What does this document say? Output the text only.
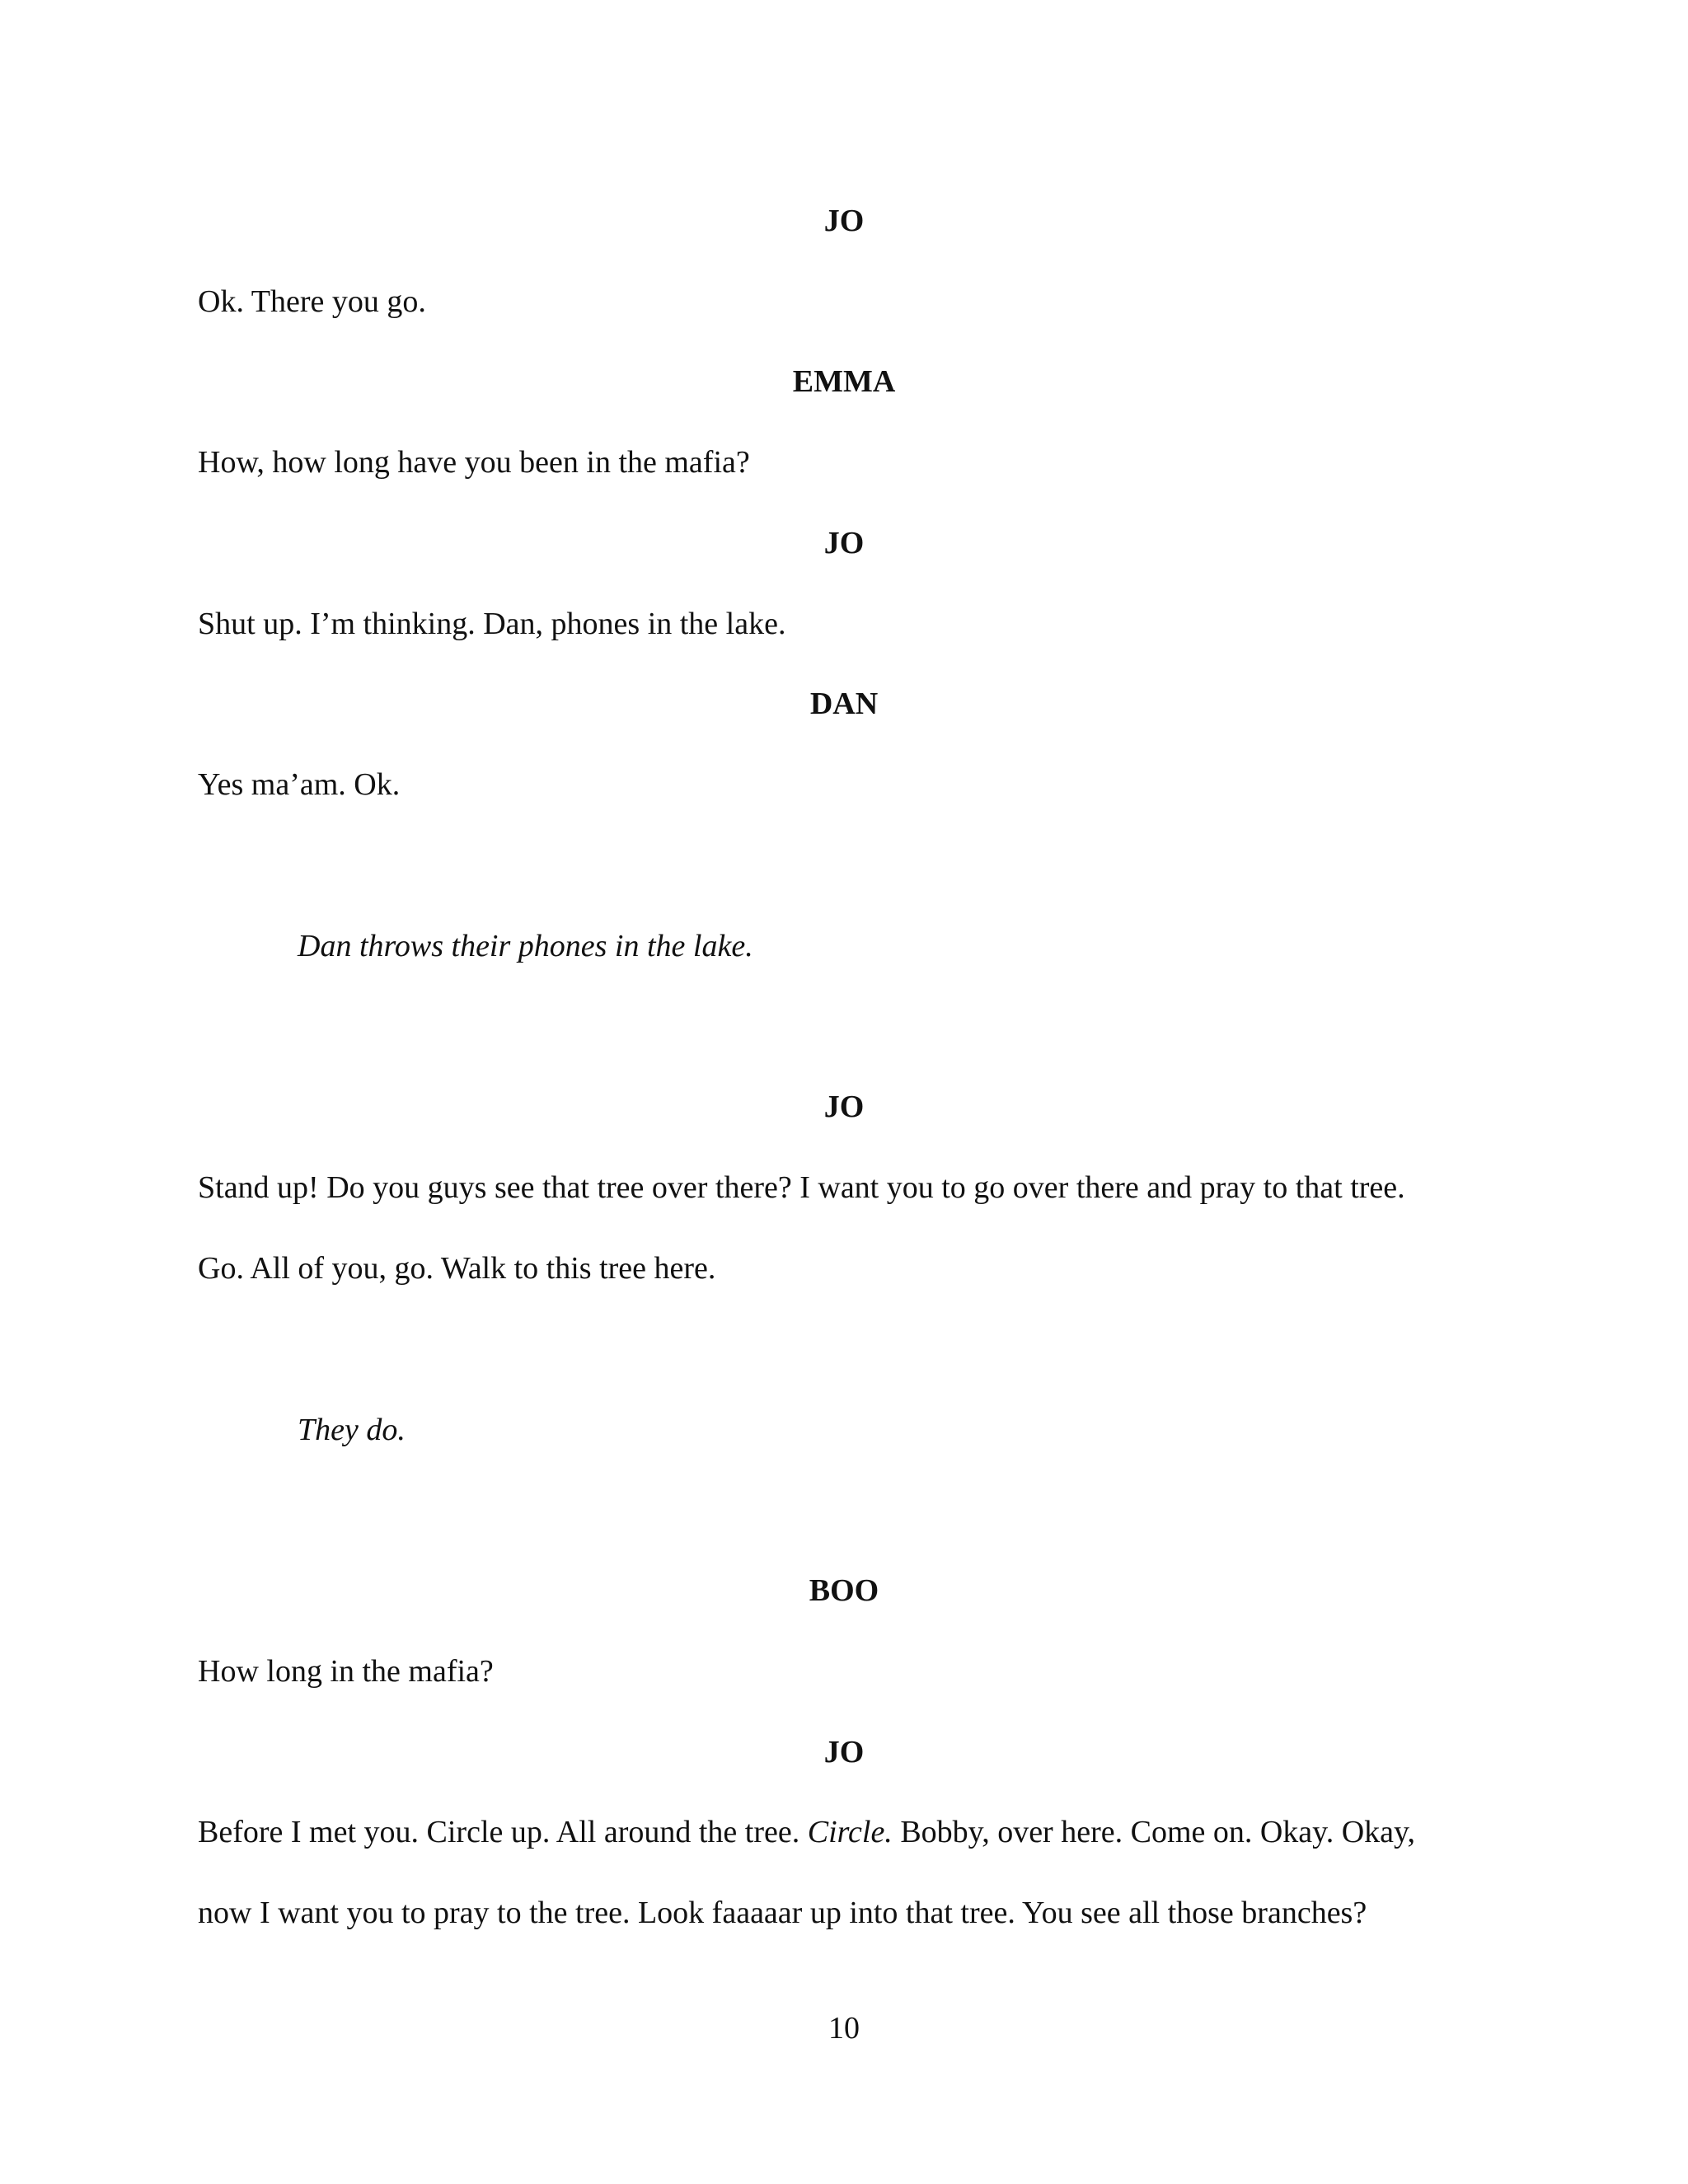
JO
Ok. There you go.
EMMA
How, how long have you been in the mafia?
JO
Shut up. I’m thinking. Dan, phones in the lake.
DAN
Yes ma’am. Ok.
Dan throws their phones in the lake.
JO
Stand up! Do you guys see that tree over there? I want you to go over there and pray to that tree.
Go. All of you, go. Walk to this tree here.
They do.
BOO
How long in the mafia?
JO
Before I met you. Circle up. All around the tree. Circle. Bobby, over here. Come on. Okay. Okay,
now I want you to pray to the tree. Look faaaaar up into that tree. You see all those branches?
10
